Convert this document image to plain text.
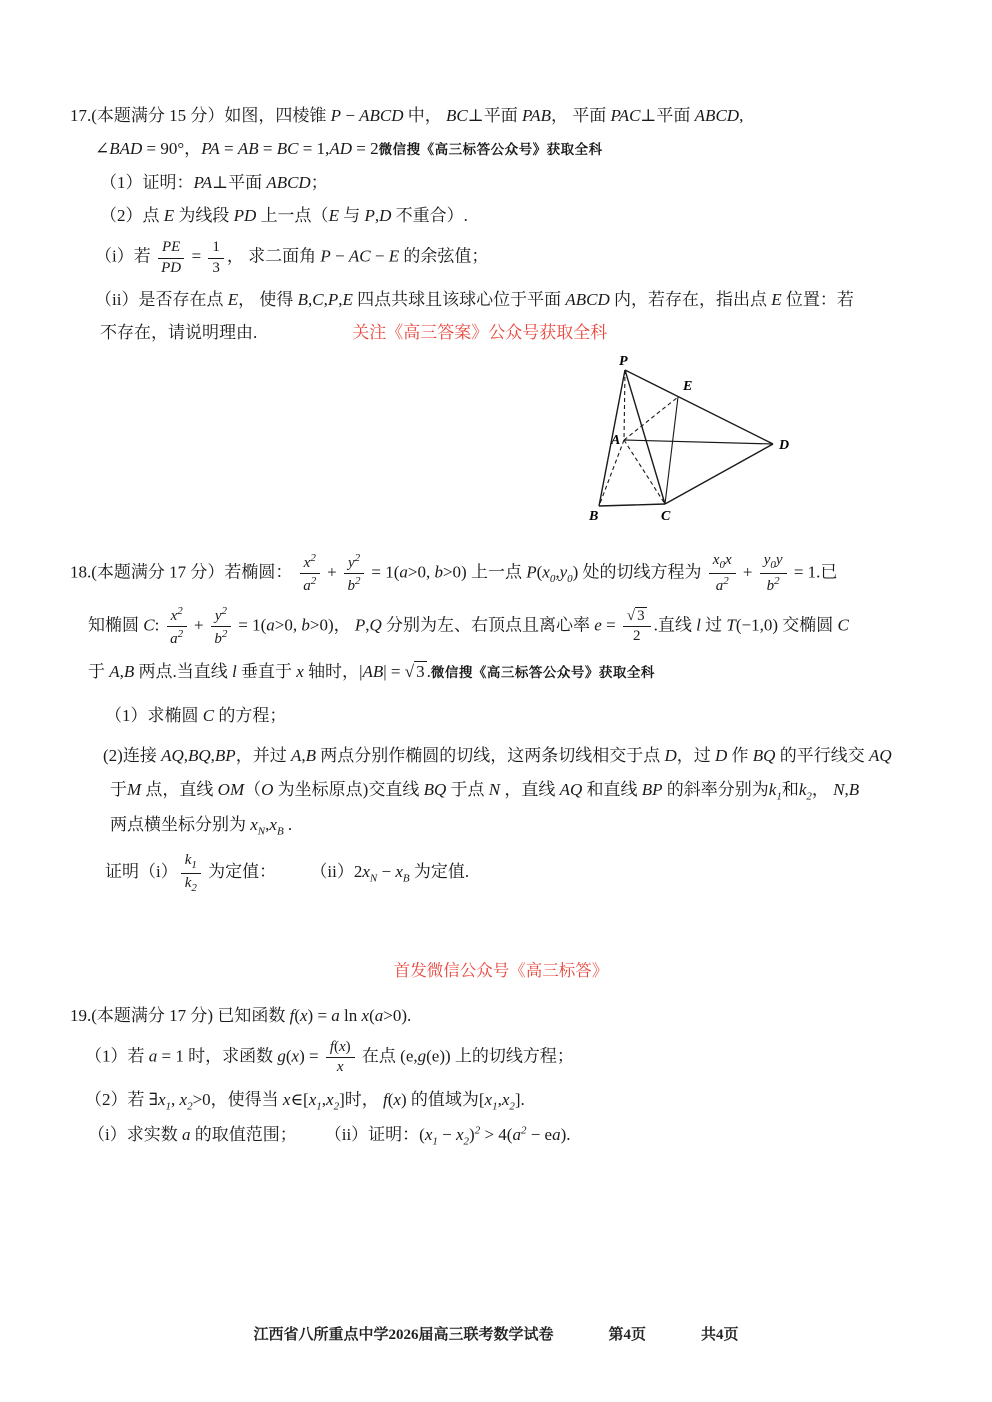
17.(本题满分 15 分）如图，四棱锥 P − ABCD 中， BC⊥平面 PAB， 平面 PAC⊥平面 ABCD,
∠BAD = 90°，PA = AB = BC = 1,AD = 2微信搜《高三标答公众号》获取全科
（1）证明：PA⊥平面 ABCD；
（2）点 E 为线段 PD 上一点（E 与 P,D 不重合）.
（i）若 $\frac{PE}{PD} = \frac{1}{3}$ ， 求二面角 P − AC − E 的余弦值；
（ii）是否存在点 E， 使得 B,C,P,E 四点共球且该球心位于平面 ABCD 内，若存在，指出点 E 位置：若
不存在，请说明理由.	关注《高三答案》公众号获取全科
P
E
A	D
B	C
18.(本题满分 17 分）若椭圆： $\frac{x^2}{a^2} + \frac{y^2}{b^2} = 1(a>0$, b>0) 上一点 $P(x_0,y_0)$ 处的切线方程为 $\frac{x_0x}{a^2} + \frac{y_0y}{b^2} = 1$.已
知椭圆 C: $\frac{x^2}{a^2} + \frac{y^2}{b^2} = 1(a>0$, b>0)， P,Q 分别为左、右顶点且离心率 $e = \frac{√ 3}{2}$ .直线 l 过 T(−1,0) 交椭圆 C
于 A,B 两点.当直线 l 垂直于 x 轴时，|AB| = √ 3 .微信搜《高三标答公众号》获取全科
（1）求椭圆 C 的方程；
(2)连接 AQ,BQ,BP，并过 A,B 两点分别作椭圆的切线，这两条切线相交于点 D，过 D 作 BQ 的平行线交 AQ
于M 点，直线 OM（O 为坐标原点)交直线 BQ 于点 N ，直线 AQ 和直线 BP 的斜率分别为$k_1$和$k_2$， N,B
两点横坐标分别为 $x_N,x_B$ .
证明$(i) \frac{k_1}{k_2}$ 为定值： $(ii)2x_N - x_B$ 为定值.
首发微信公众号《高三标答》
19.(本题满分 17 分) 已知函数 f(x) = a ln x(a>0).
（1）若 a = 1 时，求函数 $g(x) = \frac{f(x)}{x}$ 在点 (e,g(e)) 上的切线方程；
（2）若 $\exists x_1$, $x_2>0$，使得当 $x\in[x_1,x_2]$时， f(x) 的值域为$[x_1,x_2]$.
（i）求实数 a 的取值范围； （ii）证明：$(x_1 - x_2)^2 > 4(a^2 - ea)$.
江西省八所重点中学2026届高三联考数学试卷	第4页	共4页
